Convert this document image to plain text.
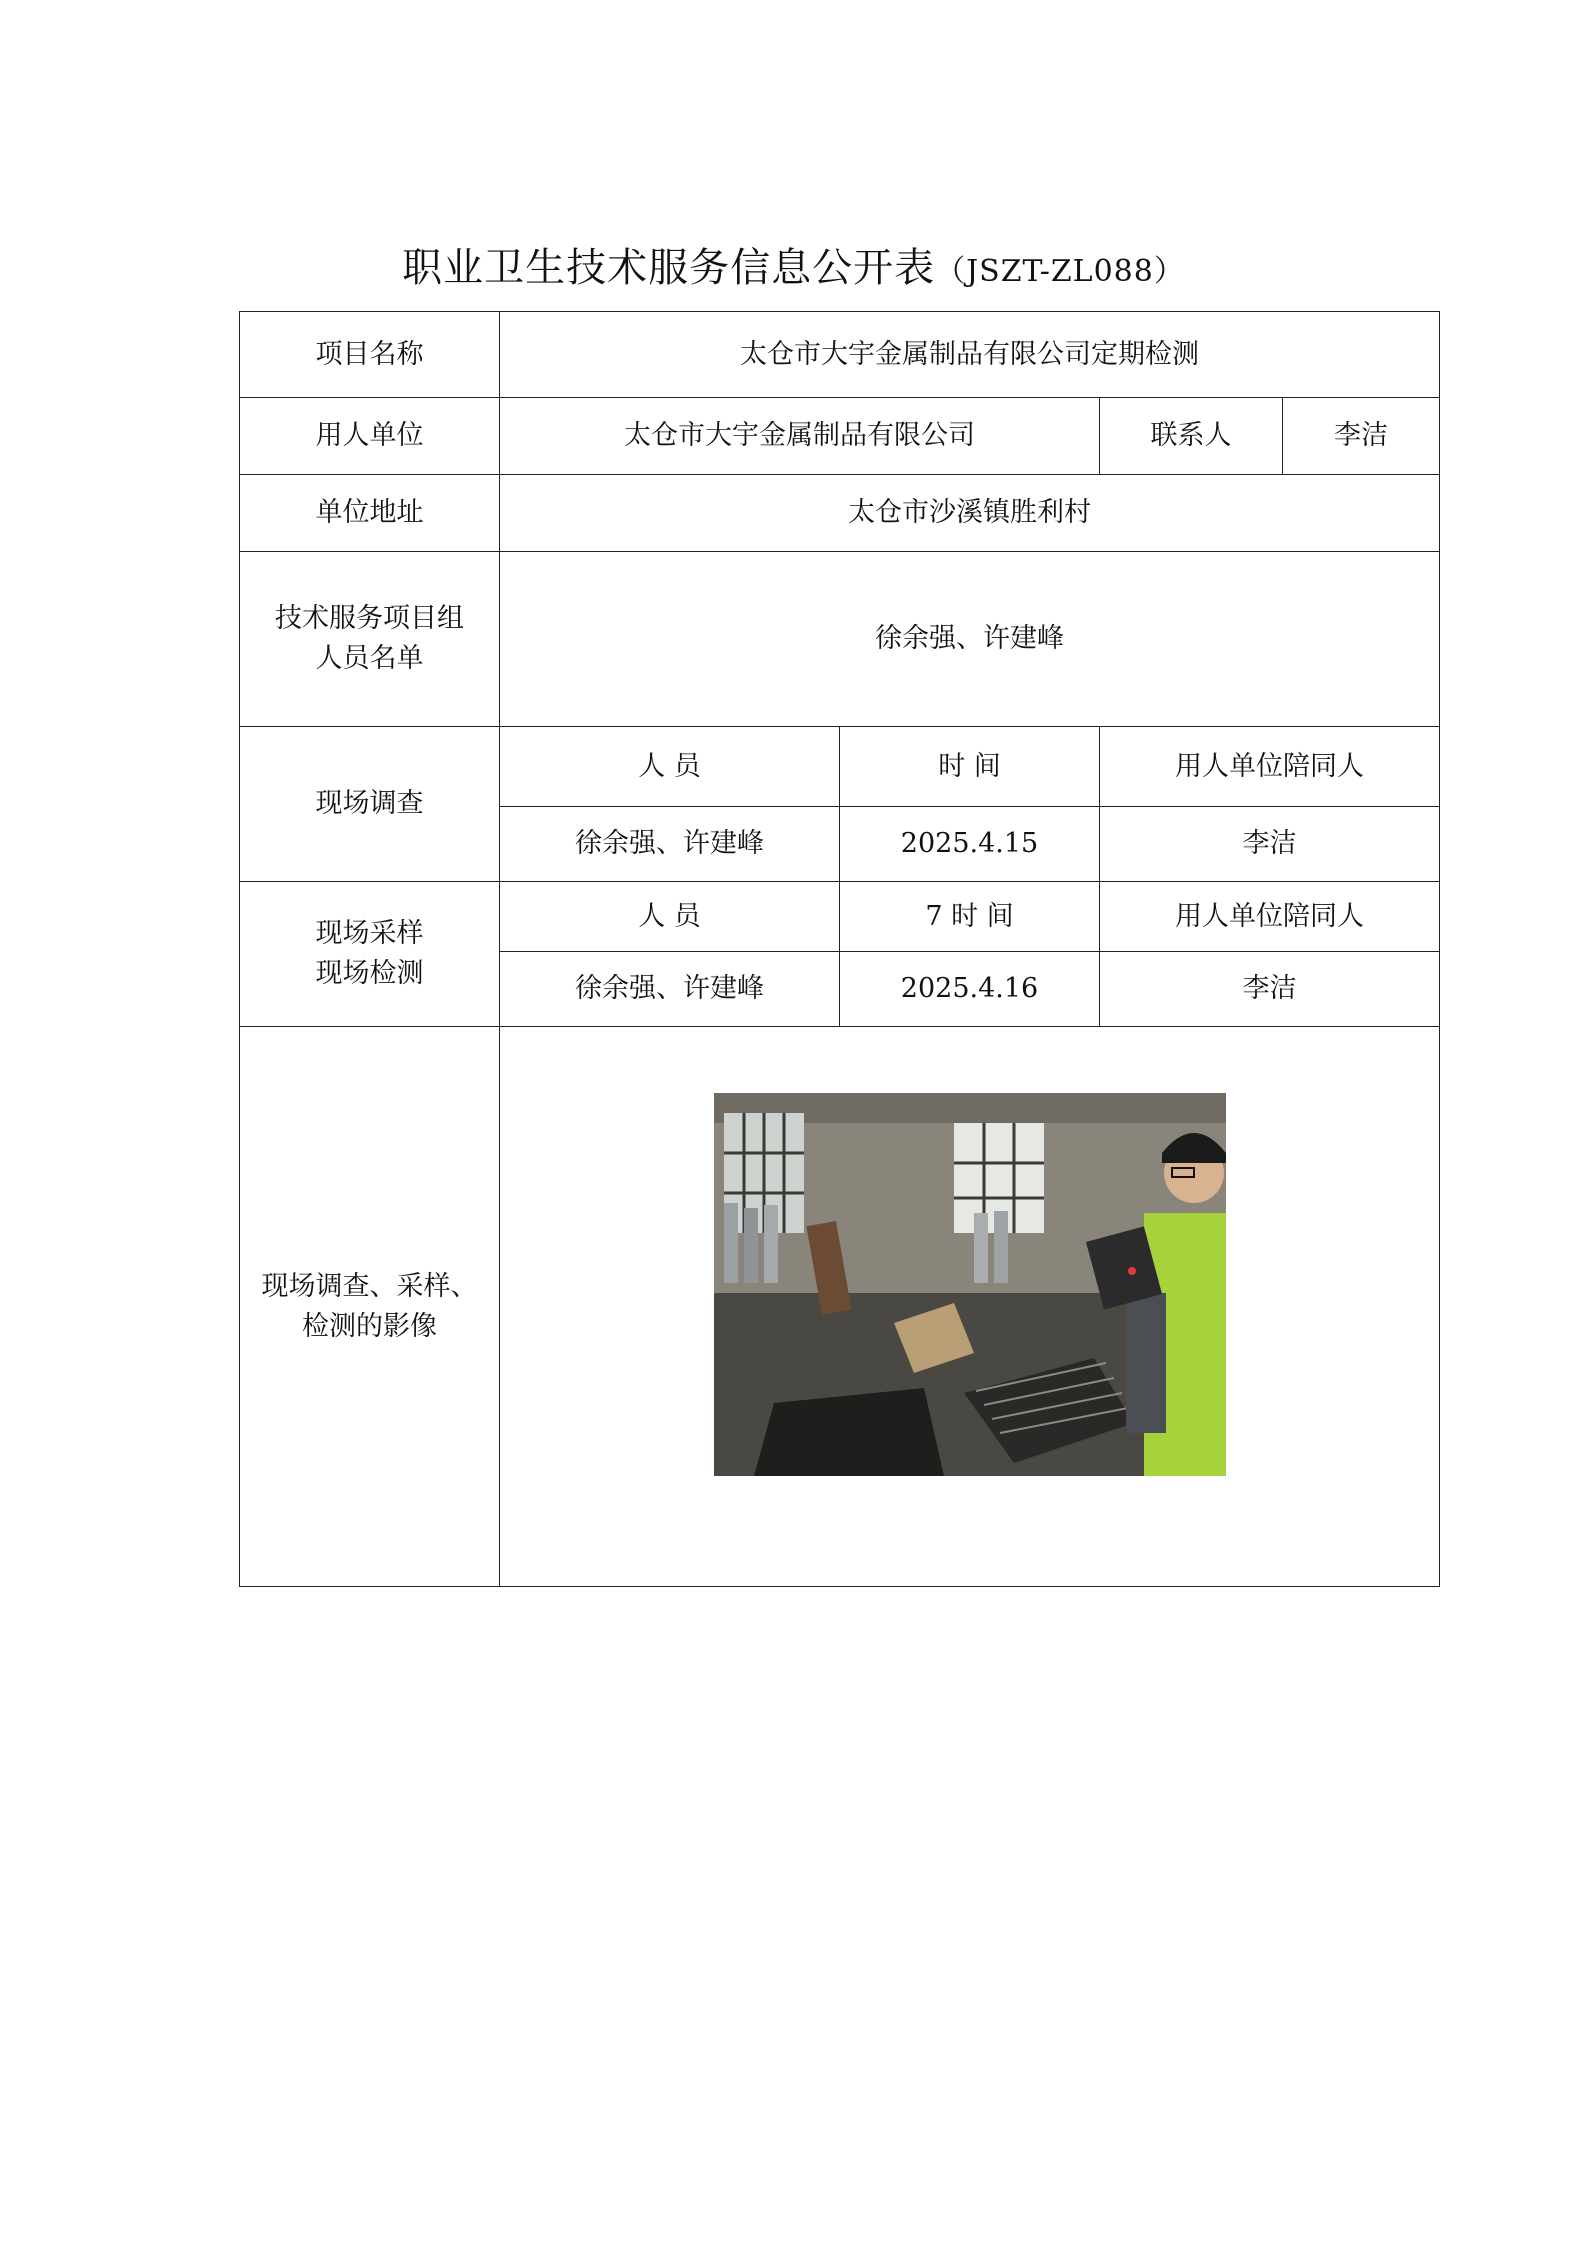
职业卫生技术服务信息公开表（JSZT-ZL088）
项目名称	太仓市大宇金属制品有限公司定期检测			
用人单位	太仓市大宇金属制品有限公司		联系人	李洁
单位地址	太仓市沙溪镇胜利村			

技术服务项目组
人员名单	徐余强、许建峰			
现场调查	人 员	时 间	用人单位陪同人	
	徐余强、许建峰	2025.4.15	李洁	

现场采样
现场检测	人 员	7 时 间	用人单位陪同人	
	徐余强、许建峰	2025.4.16	李洁	

现场调查、采样、
检测的影像
